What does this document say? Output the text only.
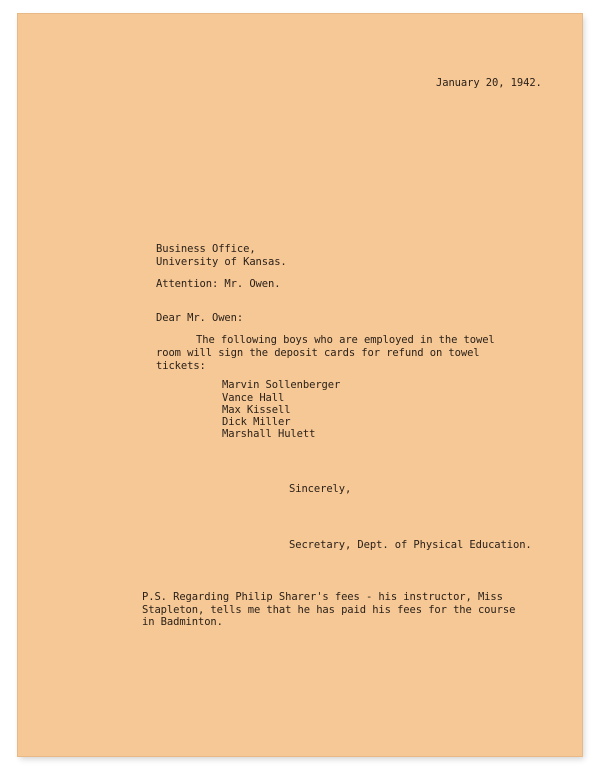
January 20, 1942.
Business Office,
University of Kansas.
Attention: Mr. Owen.
Dear Mr. Owen:
The following boys who are employed in the towel
room will sign the deposit cards for refund on towel
tickets:
Marvin Sollenberger
Vance Hall
Max Kissell
Dick Miller
Marshall Hulett
Sincerely,
Secretary, Dept. of Physical Education.
P.S. Regarding Philip Sharer's fees - his instructor, Miss
Stapleton, tells me that he has paid his fees for the course
in Badminton.
